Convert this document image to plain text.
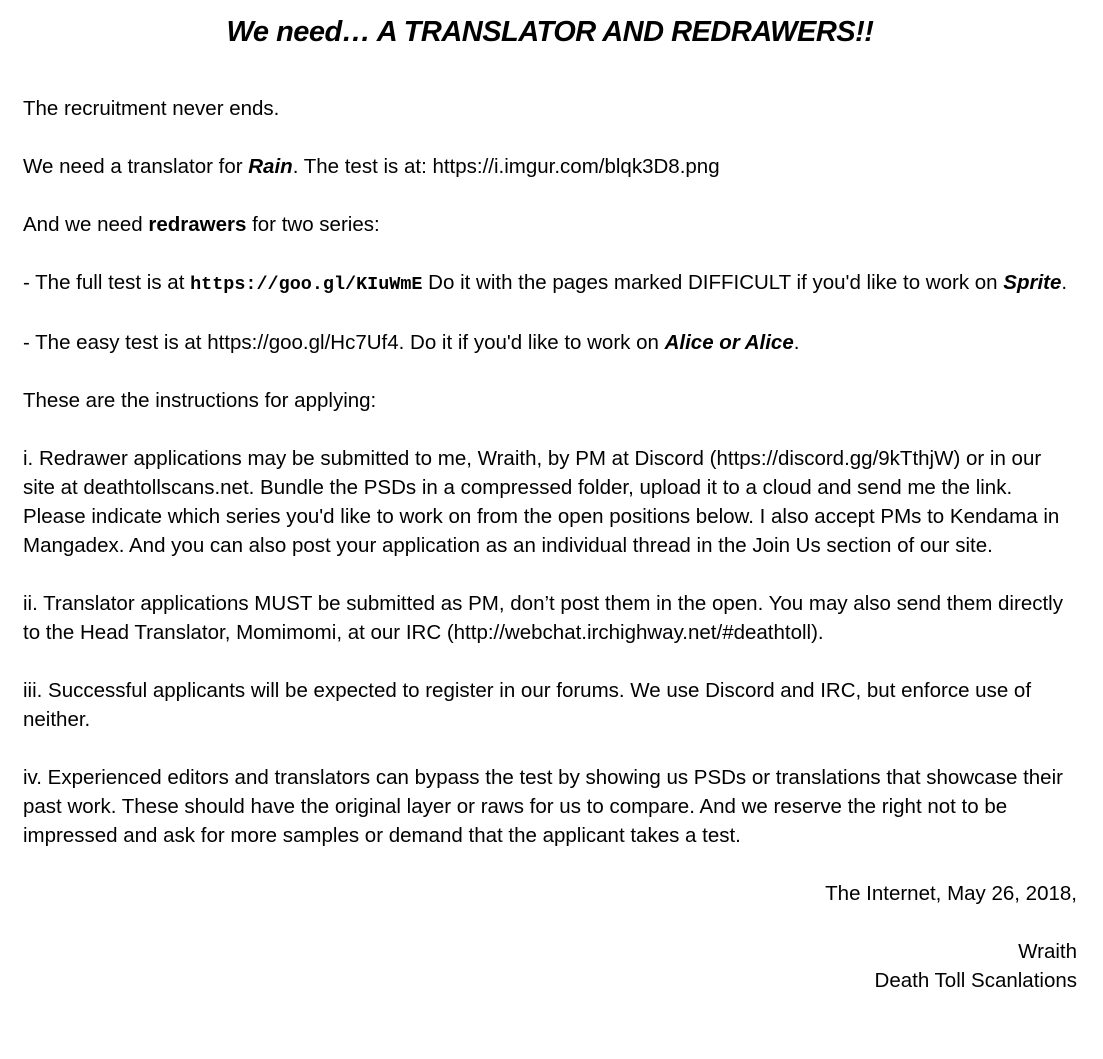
We need… A TRANSLATOR AND REDRAWERS!!

The recruitment never ends.

We need a translator for Rain. The test is at: https://i.imgur.com/blqk3D8.png

And we need redrawers for two series:

- The full test is at https://goo.gl/KIuWmE Do it with the pages marked DIFFICULT if you'd like to work on Sprite.

- The easy test is at https://goo.gl/Hc7Uf4. Do it if you'd like to work on Alice or Alice.

These are the instructions for applying:

i. Redrawer applications may be submitted to me, Wraith, by PM at Discord (https://discord.gg/9kTthjW) or in our site at deathtollscans.net. Bundle the PSDs in a compressed folder, upload it to a cloud and send me the link. Please indicate which series you'd like to work on from the open positions below. I also accept PMs to Kendama in Mangadex. And you can also post your application as an individual thread in the Join Us section of our site.

ii. Translator applications MUST be submitted as PM, don’t post them in the open. You may also send them directly to the Head Translator, Momimomi, at our IRC (http://webchat.irchighway.net/#deathtoll).

iii. Successful applicants will be expected to register in our forums. We use Discord and IRC, but enforce use of neither.

iv. Experienced editors and translators can bypass the test by showing us PSDs or translations that showcase their past work. These should have the original layer or raws for us to compare. And we reserve the right not to be impressed and ask for more samples or demand that the applicant takes a test.

The Internet, May 26, 2018,

Wraith
Death Toll Scanlations
